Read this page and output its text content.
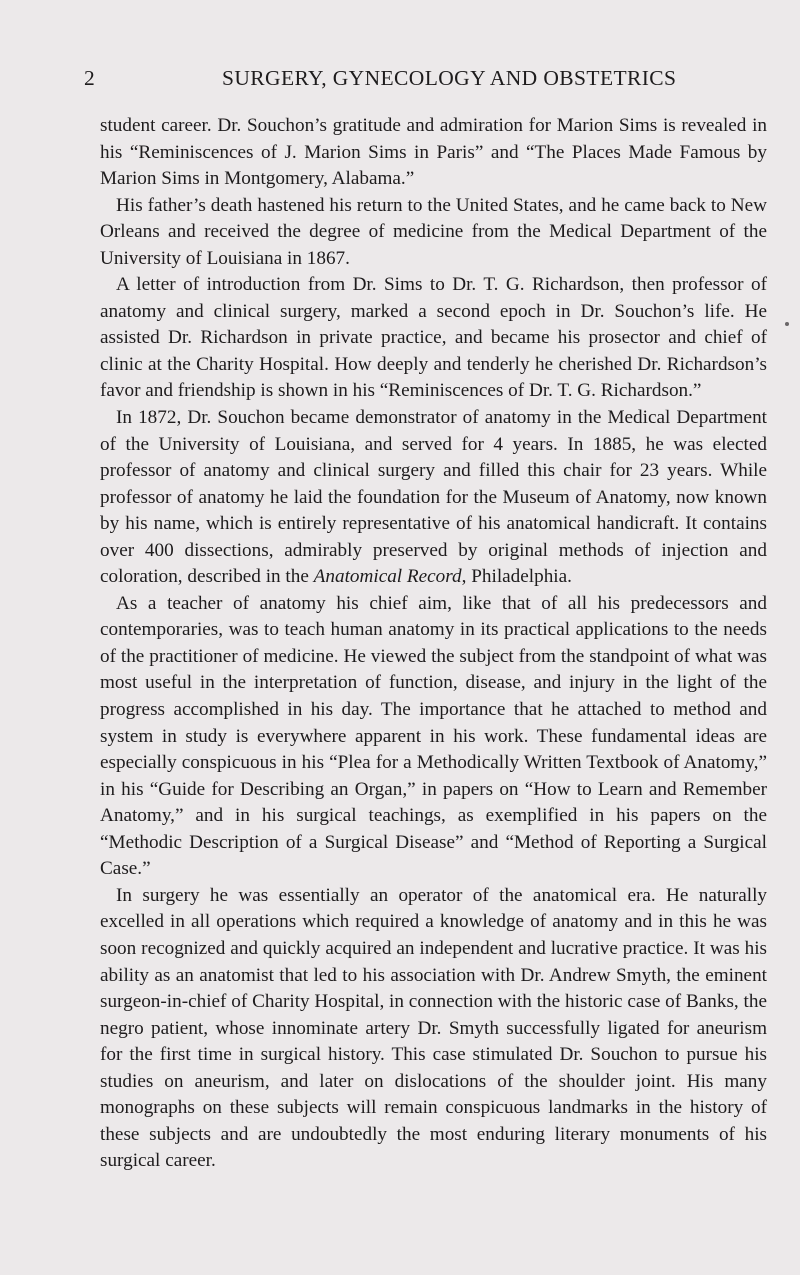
2	SURGERY, GYNECOLOGY AND OBSTETRICS

student career. Dr. Souchon’s gratitude and admiration for Marion Sims is revealed in his “Reminiscences of J. Marion Sims in Paris” and “The Places Made Famous by Marion Sims in Montgomery, Alabama.”

His father’s death hastened his return to the United States, and he came back to New Orleans and received the degree of medicine from the Medical Department of the University of Louisiana in 1867.

A letter of introduction from Dr. Sims to Dr. T. G. Richardson, then professor of anatomy and clinical surgery, marked a second epoch in Dr. Souchon’s life. He assisted Dr. Richardson in private practice, and became his prosector and chief of clinic at the Charity Hospital. How deeply and tenderly he cherished Dr. Richardson’s favor and friendship is shown in his “Reminiscences of Dr. T. G. Richardson.”

In 1872, Dr. Souchon became demonstrator of anatomy in the Medical Department of the University of Louisiana, and served for 4 years. In 1885, he was elected professor of anatomy and clinical surgery and filled this chair for 23 years. While professor of anatomy he laid the foundation for the Museum of Anatomy, now known by his name, which is entirely representative of his anatomical handicraft. It contains over 400 dissections, admirably preserved by original methods of injection and coloration, described in the Anatomical Record, Philadelphia.

As a teacher of anatomy his chief aim, like that of all his predecessors and contemporaries, was to teach human anatomy in its practical applications to the needs of the practitioner of medicine. He viewed the subject from the standpoint of what was most useful in the interpretation of function, disease, and injury in the light of the progress accomplished in his day. The importance that he attached to method and system in study is everywhere apparent in his work. These fundamental ideas are especially conspicuous in his “Plea for a Methodically Written Textbook of Anatomy,” in his “Guide for Describing an Organ,” in papers on “How to Learn and Remember Anatomy,” and in his surgical teachings, as exemplified in his papers on the “Methodic Description of a Surgical Disease” and “Method of Reporting a Surgical Case.”

In surgery he was essentially an operator of the anatomical era. He naturally excelled in all operations which required a knowledge of anatomy and in this he was soon recognized and quickly acquired an independent and lucrative practice. It was his ability as an anatomist that led to his association with Dr. Andrew Smyth, the eminent surgeon-in-chief of Charity Hospital, in connection with the historic case of Banks, the negro patient, whose innominate artery Dr. Smyth successfully ligated for aneurism for the first time in surgical history. This case stimulated Dr. Souchon to pursue his studies on aneurism, and later on dislocations of the shoulder joint. His many monographs on these subjects will remain conspicuous landmarks in the history of these subjects and are undoubtedly the most enduring literary monuments of his surgical career.
